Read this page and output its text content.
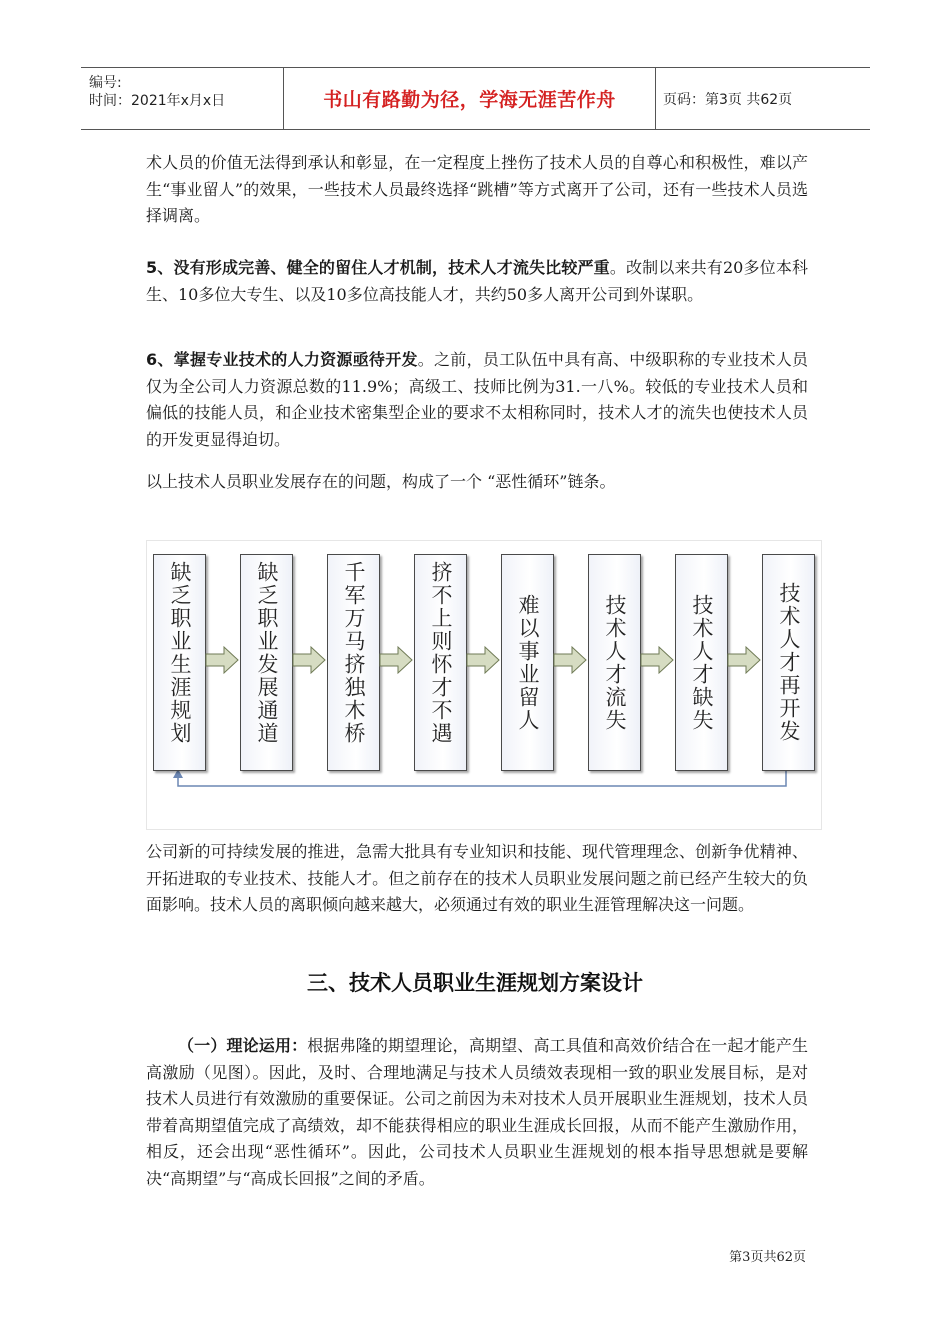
编号:
时间：2021年x月x日	书山有路勤为径，学海无涯苦作舟	页码：第3页 共62页

术人员的价值无法得到承认和彰显，在一定程度上挫伤了技术人员的自尊心和积极性，难以产生“事业留人”的效果，一些技术人员最终选择“跳槽”等方式离开了公司，还有一些技术人员选择调离。

5、没有形成完善、健全的留住人才机制，技术人才流失比较严重。改制以来共有20多位本科生、10多位大专生、以及10多位高技能人才，共约50多人离开公司到外谋职。

6、掌握专业技术的人力资源亟待开发。之前，员工队伍中具有高、中级职称的专业技术人员仅为全公司人力资源总数的11.9%；高级工、技师比例为31.一八%。较低的专业技术人员和偏低的技能人员，和企业技术密集型企业的要求不太相称同时，技术人才的流失也使技术人员的开发更显得迫切。

以上技术人员职业发展存在的问题，构成了一个 “恶性循环”链条。

缺乏职业生涯规划	缺乏职业发展通道	千军万马挤独木桥	挤不上则怀才不遇	难以事业留人	技术人才流失	技术人才缺失	技术人才再开发

公司新的可持续发展的推进，急需大批具有专业知识和技能、现代管理理念、创新争优精神、开拓进取的专业技术、技能人才。但之前存在的技术人员职业发展问题之前已经产生较大的负面影响。技术人员的离职倾向越来越大，必须通过有效的职业生涯管理解决这一问题。

三、技术人员职业生涯规划方案设计

（一）理论运用：根据弗隆的期望理论，高期望、高工具值和高效价结合在一起才能产生高激励（见图）。因此，及时、合理地满足与技术人员绩效表现相一致的职业发展目标，是对技术人员进行有效激励的重要保证。公司之前因为未对技术人员开展职业生涯规划，技术人员带着高期望值完成了高绩效，却不能获得相应的职业生涯成长回报，从而不能产生激励作用，相反，还会出现“恶性循环”。因此，公司技术人员职业生涯规划的根本指导思想就是要解决“高期望”与“高成长回报”之间的矛盾。

第3页共62页
